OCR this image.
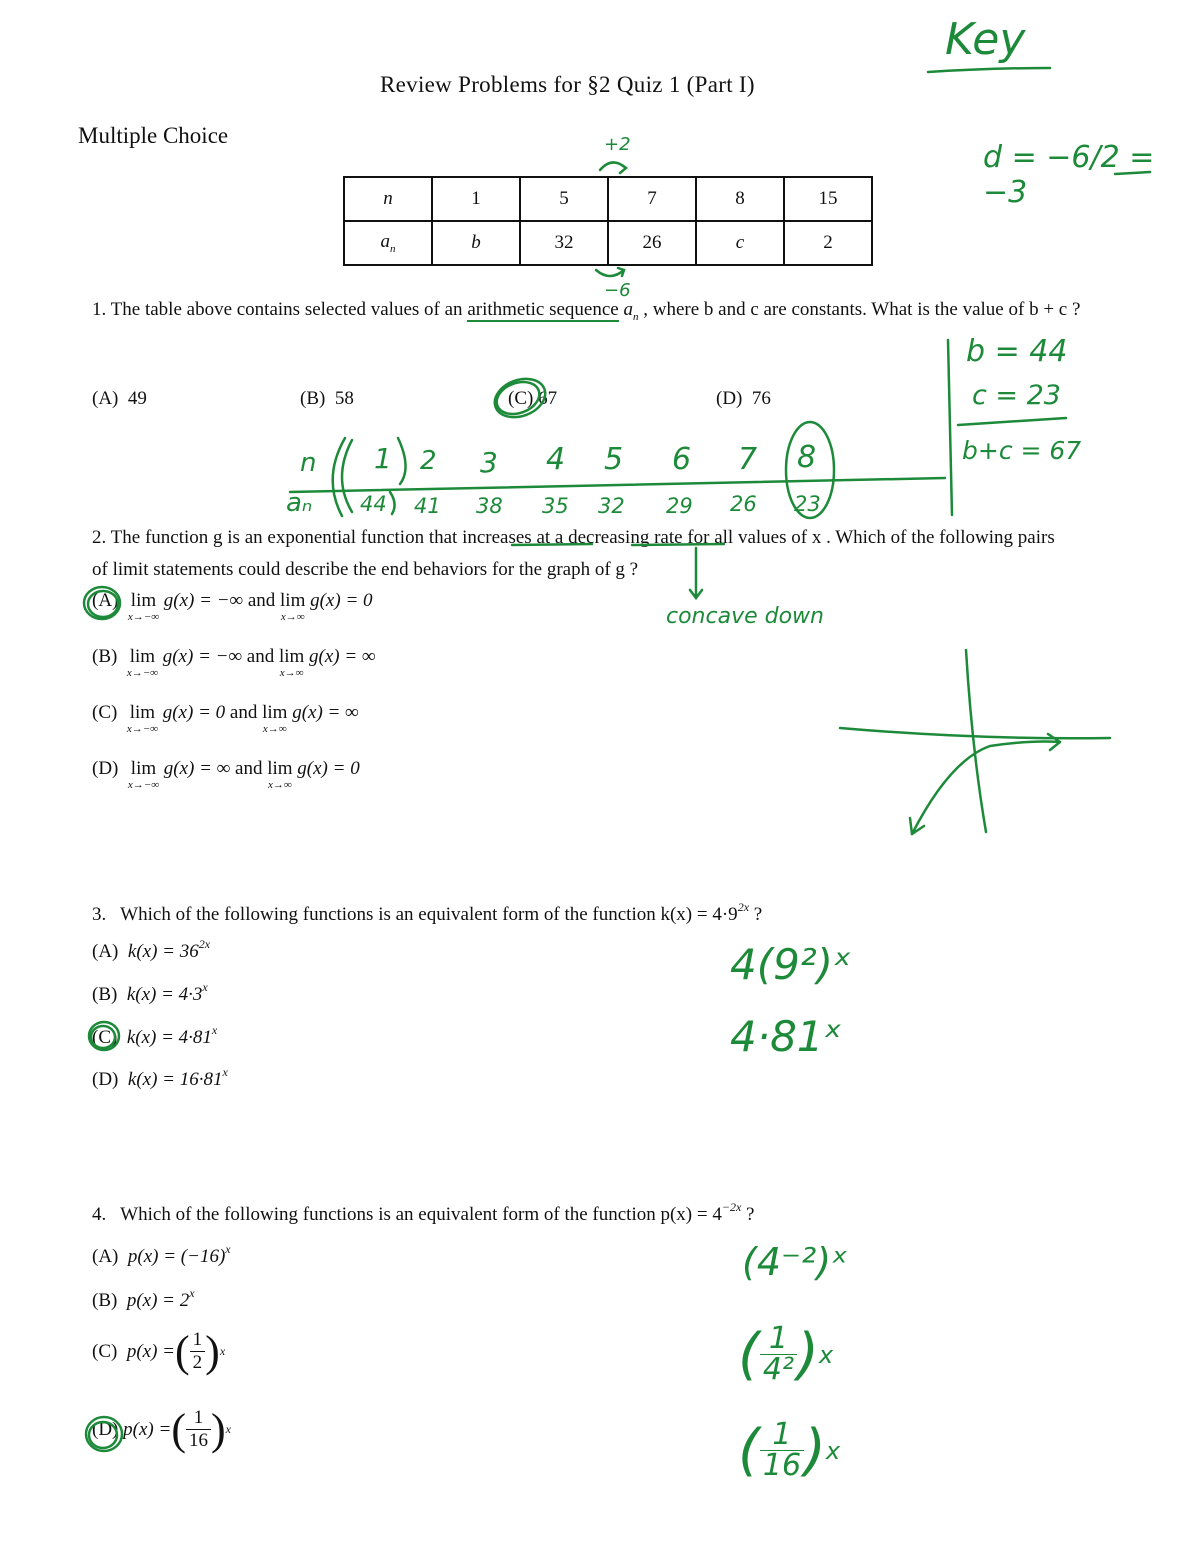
Key
Review Problems for §2 Quiz 1 (Part I)
Multiple Choice	+2
−6
d = −6/2 = −3
n	1	5	7	8	15
$a_n$	b	32	26	c	2
1. The table above contains selected values of an arithmetic sequence $a_n$ , where b and c are constants. What is the value of b + c ?
(A) 49	(B) 58	(C) 67	(D) 76
b = 44
c = 23
b+c = 67
n
aₙ
1 2 3 4 5 6 7 8
44 41 38 35 32 29 26 23
2. The function g is an exponential function that increases at a decreasing rate for all values of x . Which of the following pairs of limit statements could describe the end behaviors for the graph of g ?
(A) lim
x→−∞
g(x) = −∞ and lim
x→∞
g(x) = 0
(B) lim
x→−∞
g(x) = −∞ and lim
x→∞
g(x) = ∞
(C) lim
x→−∞
g(x) = 0 and lim
x→∞
g(x) = ∞
(D) lim
x→−∞
g(x) = ∞ and lim
x→∞
g(x) = 0
concave down
3. Which of the following functions is an equivalent form of the function $k(x) = 4\cdot 9^{2x}$ ?
(A) $k(x) = 36^{2x}$
(B) $k(x) = 4\cdot 3^x$
(C) $k(x) = 4\cdot 81^x$
(D) $k(x) = 16\cdot 81^x$
4(9²)ˣ
4·81ˣ
4. Which of the following functions is an equivalent form of the function $p(x) = 4^{-2x}$ ?
(A) $p(x) = (-16)^x$
(B) $p(x) = 2^x$
(C)
p(x) = ( $\frac{1}{2}$ ) x
(D)
p(x) = ( $\frac{1}{16}$ ) x
(4⁻²)ˣ
( $\frac{1}{\text{4²}}$ ) x
( $\frac{1}{16}$ ) x
